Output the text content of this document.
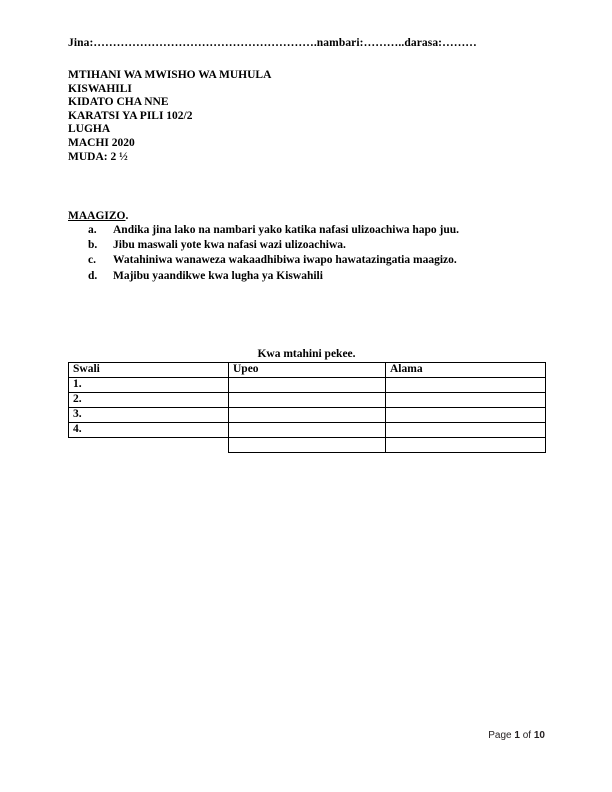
Jina:………………………………………………….nambari:………..darasa:………
MTIHANI WA MWISHO WA MUHULA
KISWAHILI
KIDATO CHA NNE
KARATSI YA PILI 102/2
LUGHA
MACHI 2020
MUDA: 2 ½
MAAGIZO.
a.	Andika jina lako na nambari yako katika nafasi ulizoachiwa hapo juu.
b.	Jibu maswali yote kwa nafasi wazi ulizoachiwa.
c.	Watahiniwa wanaweza wakaadhibiwa iwapo hawatazingatia maagizo.
d.	Majibu yaandikwe kwa lugha ya Kiswahili
Kwa mtahini pekee.
Swali	Upeo	Alama
1.		
2.		
3.		
4.		

Page 1 of 10
